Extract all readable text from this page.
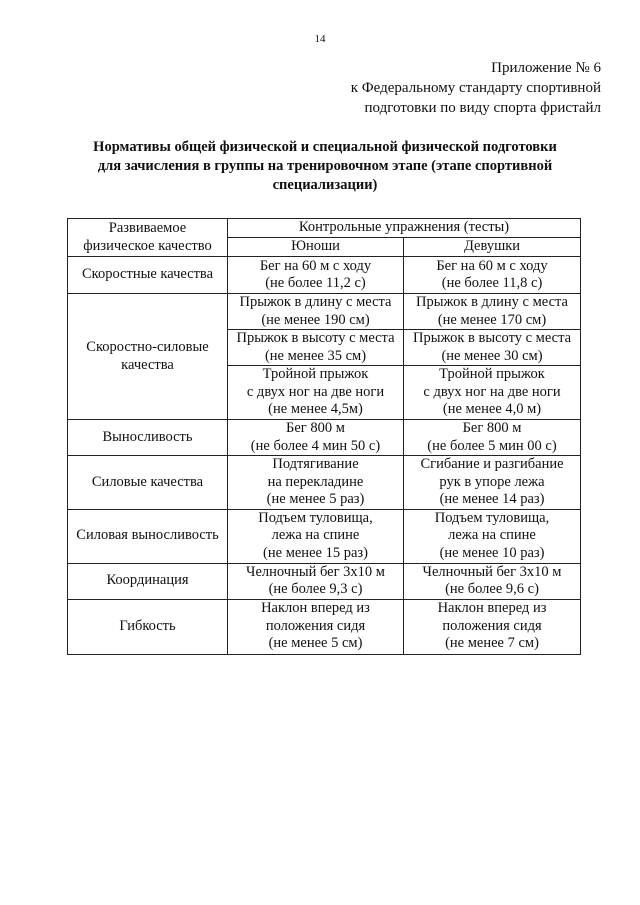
14
Приложение № 6
к Федеральному стандарту спортивной
подготовки по виду спорта фристайл
Нормативы общей физической и специальной физической подготовки
для зачисления в группы на тренировочном этапе (этапе спортивной
специализации)
Развиваемое
физическое качество	Контрольные упражнения (тесты)	
	Юноши	Девушки

Скоростные качества	Бег на 60 м с ходу
(не более 11,2 с)	Бег на 60 м с ходу
(не более 11,8 с)

Скоростно-силовые
качества	Прыжок в длину с места
(не менее 190 см)	Прыжок в длину с места
(не менее 170 см)

	Прыжок в высоту с места
(не менее 35 см)	Прыжок в высоту с места
(не менее 30 см)

	Тройной прыжок
с двух ног на две ноги
(не менее 4,5м)	Тройной прыжок
с двух ног на две ноги
(не менее 4,0 м)

Выносливость	Бег 800 м
(не более 4 мин 50 с)	Бег 800 м
(не более 5 мин 00 с)

Силовые качества	Подтягивание
на перекладине
(не менее 5 раз)	Сгибание и разгибание
рук в упоре лежа
(не менее 14 раз)

Силовая выносливость	Подъем туловища,
лежа на спине
(не менее 15 раз)	Подъем туловища,
лежа на спине
(не менее 10 раз)

Координация	Челночный бег 3х10 м
(не более 9,3 с)	Челночный бег 3х10 м
(не более 9,6 с)

Гибкость	Наклон вперед из
положения сидя
(не менее 5 см)	Наклон вперед из
положения сидя
(не менее 7 см)
